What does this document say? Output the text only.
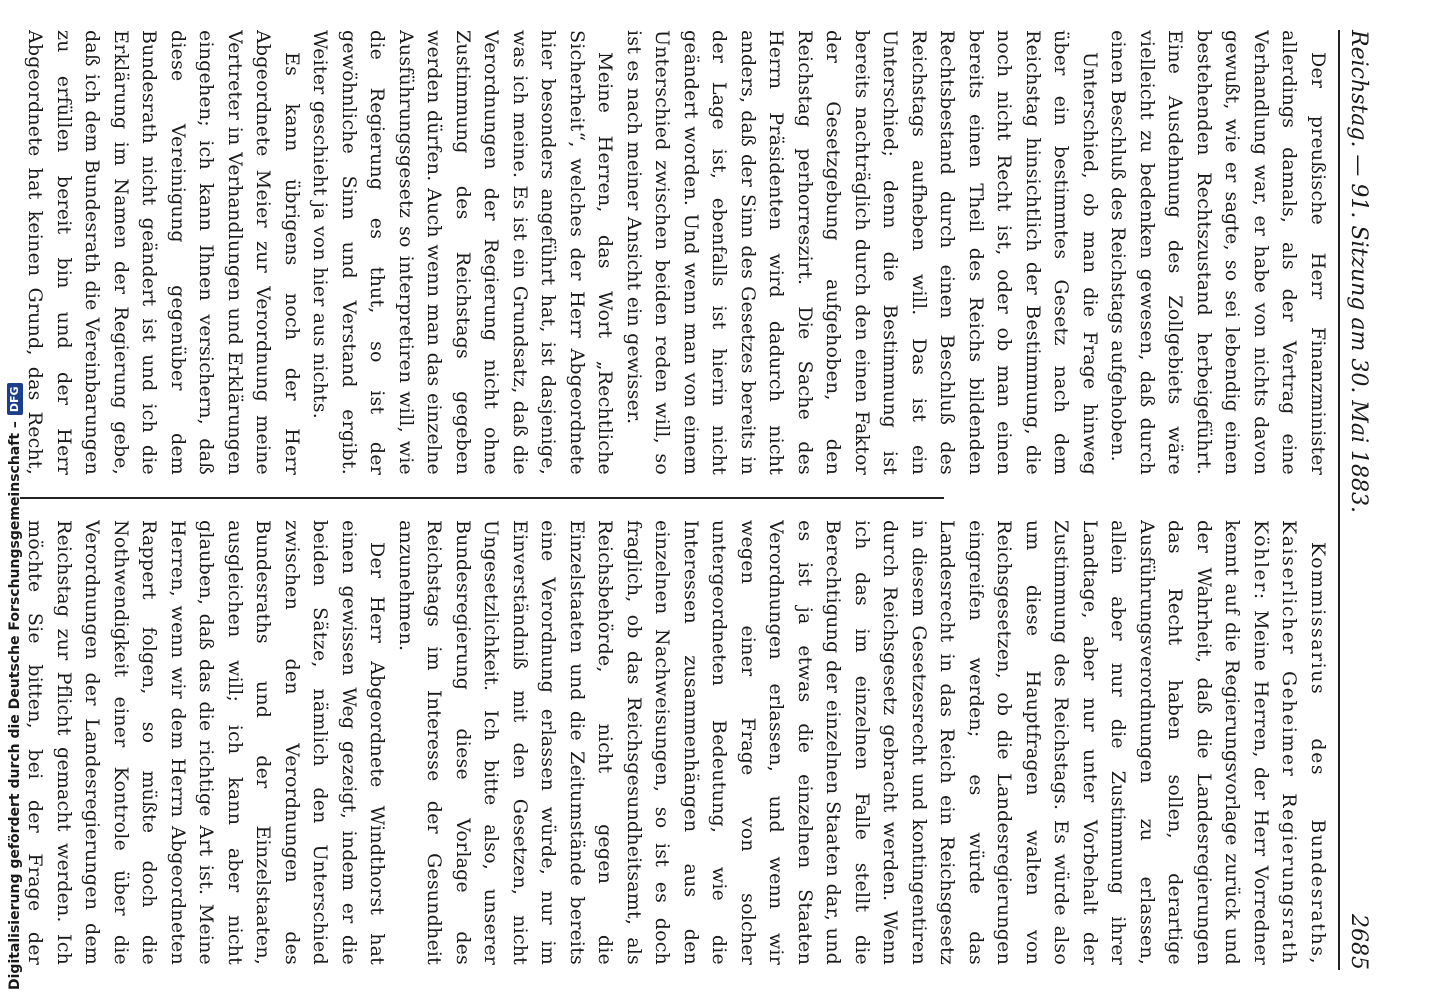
Reichstag. — 91. Sitzung am 30. Mai 1883.
2685

Der preußische Herr Finanzminister allerdings damals, als der Vertrag eine Verhandlung war, er habe von nichts davon gewußt, wie er sagte, so sei lebendig einen bestehenden Rechtszustand herbeigeführt. Eine Ausdehnung des Zollgebiets wäre vielleicht zu bedenken gewesen, daß durch einen Beschluß des Reichstags aufgehoben.

Unterschied, ob man die Frage hinweg über ein bestimmtes Gesetz nach dem Reichstag hinsichtlich der Bestimmung, die noch nicht Recht ist, oder ob man einen bereits einen Theil des Reichs bildenden Rechtsbestand durch einen Beschluß des Reichstags aufheben will. Das ist ein Unterschied; denn die Bestimmung ist bereits nachträglich durch den einen Faktor der Gesetzgebung aufgehoben, den Reichstag perhorreszirt. Die Sache des Herrn Präsidenten wird dadurch nicht anders, daß der Sinn des Gesetzes bereits in der Lage ist, ebenfalls ist hierin nicht geändert worden. Und wenn man von einem Unterschied zwischen beiden reden will, so ist es nach meiner Ansicht ein gewisser.

Meine Herren, das Wort „Rechtliche Sicherheit“, welches der Herr Abgeordnete hier besonders angeführt hat, ist dasjenige, was ich meine. Es ist ein Grundsatz, daß die Verordnungen der Regierung nicht ohne Zustimmung des Reichstags gegeben werden dürfen. Auch wenn man das einzelne Ausführungsgesetz so interpretiren will, wie die Regierung es thut, so ist der gewöhnliche Sinn und Verstand ergibt. Weiter geschieht ja von hier aus nichts.

Es kann übrigens noch der Herr Abgeordnete Meier zur Verordnung meine Vertreter in Verhandlungen und Erklärungen eingehen; ich kann Ihnen versichern, daß diese Vereinigung gegenüber dem Bundesrath nicht geändert ist und ich die Erklärung im Namen der Regierung gebe, daß ich dem Bundesrath die Vereinbarungen zu erfüllen bereit bin und der Herr Abgeordnete hat keinen Grund, das Recht,

Kommissarius des Bundesraths, Kaiserlicher Geheimer Regierungsrath Köhler: Meine Herren, der Herr Vorredner kennt auf die Regierungsvorlage zurück und der Wahrheit, daß die Landesregierungen das Recht haben sollen, derartige Ausführungsverordnungen zu erlassen, allein aber nur die Zustimmung ihrer Landtage, aber nur unter Vorbehalt der Zustimmung des Reichstags. Es würde also um diese Hauptfragen walten von Reichsgesetzen, ob die Landesregierungen eingreifen werden; es würde das Landesrecht in das Reich ein Reichsgesetz in diesem Gesetzesrecht und kontingentiren durch Reichsgesetz gebracht werden. Wenn ich das im einzelnen Falle stellt die Berechtigung der einzelnen Staaten dar, und es ist ja etwas die einzelnen Staaten Verordnungen erlassen, und wenn wir wegen einer Frage von solcher untergeordneten Bedeutung, wie die Interessen zusammenhängen aus den einzelnen Nachweisungen, so ist es doch fraglich, ob das Reichsgesundheitsamt, als Reichsbehörde, nicht gegen die Einzelstaaten und die Zeitumstände bereits eine Verordnung erlassen würde, nur im Einverständniß mit den Gesetzen, nicht Ungesetzlichkeit. Ich bitte also, unserer Bundesregierung diese Vorlage des Reichstags im Interesse der Gesundheit anzunehmen.

Der Herr Abgeordnete Windthorst hat einen gewissen Weg gezeigt, indem er die beiden Sätze, nämlich den Unterschied zwischen den Verordnungen des Bundesraths und der Einzelstaaten, ausgleichen will; ich kann aber nicht glauben, daß das die richtige Art ist. Meine Herren, wenn wir dem Herrn Abgeordneten Rappert folgen, so müßte doch die Nothwendigkeit einer Kontrole über die Verordnungen der Landesregierungen dem Reichstag zur Pflicht gemacht werden. Ich möchte Sie bitten, bei der Frage der

Digitalisierung gefördert durch die Deutsche Forschungsgemeinschaft –
DFG
